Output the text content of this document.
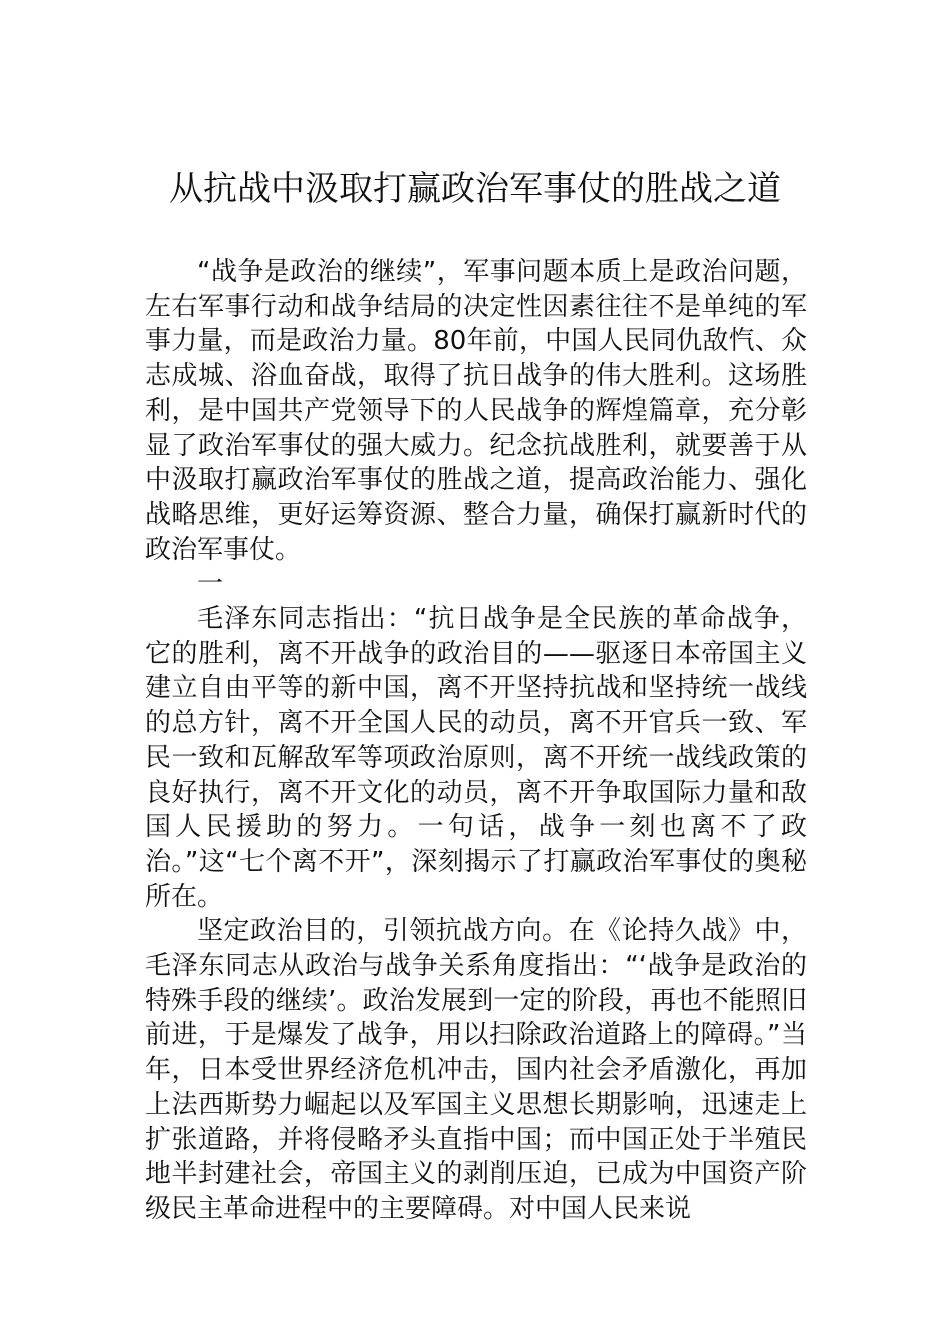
从抗战中汲取打赢政治军事仗的胜战之道

“战争是政治的继续”，军事问题本质上是政治问题，左右军事行动和战争结局的决定性因素往往不是单纯的军事力量，而是政治力量。80年前，中国人民同仇敌忾、众志成城、浴血奋战，取得了抗日战争的伟大胜利。这场胜利，是中国共产党领导下的人民战争的辉煌篇章，充分彰显了政治军事仗的强大威力。纪念抗战胜利，就要善于从中汲取打赢政治军事仗的胜战之道，提高政治能力、强化战略思维，更好运筹资源、整合力量，确保打赢新时代的政治军事仗。

一

毛泽东同志指出：“抗日战争是全民族的革命战争，它的胜利，离不开战争的政治目的——驱逐日本帝国主义建立自由平等的新中国，离不开坚持抗战和坚持统一战线的总方针，离不开全国人民的动员，离不开官兵一致、军民一致和瓦解敌军等项政治原则，离不开统一战线政策的良好执行，离不开文化的动员，离不开争取国际力量和敌国人民援助的努力。一句话，战争一刻也离不了政治。”这“七个离不开”，深刻揭示了打赢政治军事仗的奥秘所在。

坚定政治目的，引领抗战方向。在《论持久战》中，毛泽东同志从政治与战争关系角度指出：“‘战争是政治的特殊手段的继续’。政治发展到一定的阶段，再也不能照旧前进，于是爆发了战争，用以扫除政治道路上的障碍。”当年，日本受世界经济危机冲击，国内社会矛盾激化，再加上法西斯势力崛起以及军国主义思想长期影响，迅速走上扩张道路，并将侵略矛头直指中国；而中国正处于半殖民地半封建社会，帝国主义的剥削压迫，已成为中国资产阶级民主革命进程中的主要障碍。对中国人民来说
